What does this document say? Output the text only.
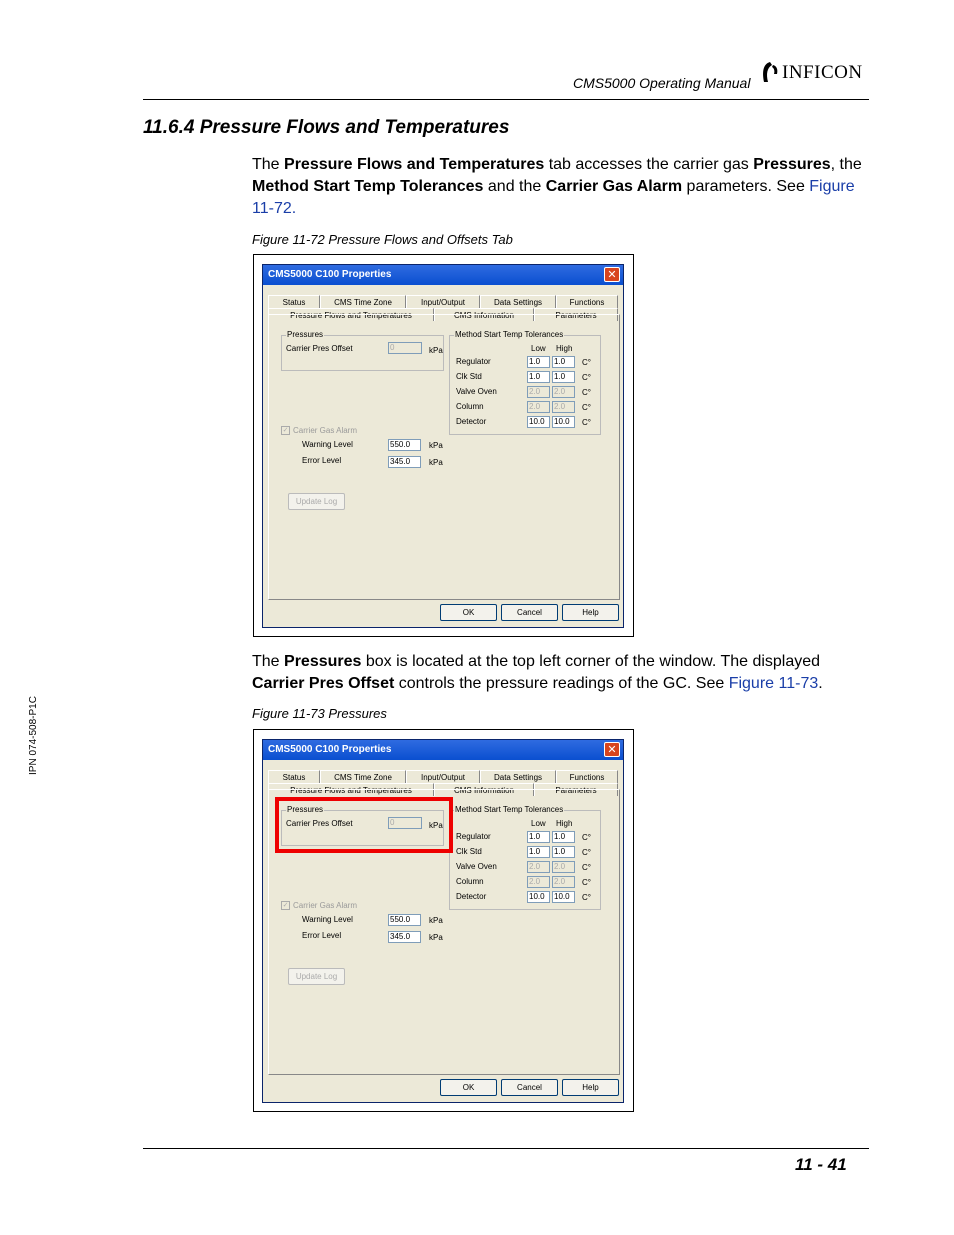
CMS5000 Operating Manual INFICON
11.6.4 Pressure Flows and Temperatures
The Pressure Flows and Temperatures tab accesses the carrier gas Pressures, the Method Start Temp Tolerances and the Carrier Gas Alarm parameters. See Figure 11-72.
Figure 11-72 Pressure Flows and Offsets Tab
CMS5000 C100 Properties	✕
Status	CMS Time Zone	Input/Output	Data Settings	Functions
Pressure Flows and Temperatures	CMS Information	Parameters
Pressures
Carrier Pres Offset	0	kPa
Method Start Temp Tolerances
Low High
Regulator	1.0	1.0	C°
Clk Std	1.0	1.0	C°
Valve Oven	2.0	2.0	C°
Column	2.0	2.0	C°
Detector	10.0	10.0	C°
✓ Carrier Gas Alarm
Warning Level	550.0	kPa
Error Level	345.0	kPa
Update Log
OK	Cancel	Help
The Pressures box is located at the top left corner of the window. The displayed Carrier Pres Offset controls the pressure readings of the GC. See Figure 11-73.
Figure 11-73 Pressures
CMS5000 C100 Properties	✕
Status	CMS Time Zone	Input/Output	Data Settings	Functions
Pressure Flows and Temperatures	CMS Information	Parameters
Pressures
Carrier Pres Offset	0	kPa
Method Start Temp Tolerances
Low High
Regulator	1.0	1.0	C°
Clk Std	1.0	1.0	C°
Valve Oven	2.0	2.0	C°
Column	2.0	2.0	C°
Detector	10.0	10.0	C°
✓ Carrier Gas Alarm
Warning Level	550.0	kPa
Error Level	345.0	kPa
Update Log
OK	Cancel	Help
IPN 074-508-P1C
11 - 41
